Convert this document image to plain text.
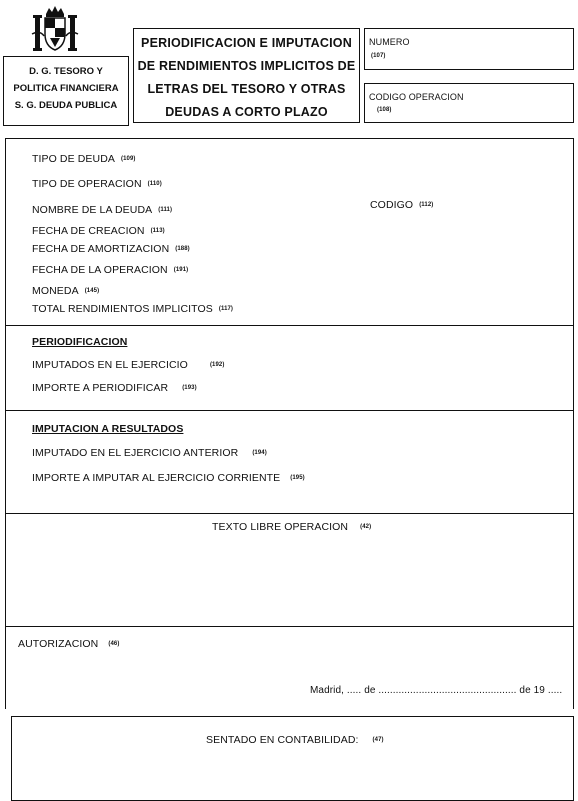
D. G. TESORO Y
POLITICA FINANCIERA
S. G. DEUDA PUBLICA
PERIODIFICACION E IMPUTACION
DE RENDIMIENTOS IMPLICITOS DE
LETRAS DEL TESORO Y OTRAS
DEUDAS A CORTO PLAZO
NUMERO
(107)
CODIGO OPERACION
(108)
TIPO DE DEUDA (109)
TIPO DE OPERACION (110)
NOMBRE DE LA DEUDA (111)	CODIGO (112)
FECHA DE CREACION (113)
FECHA DE AMORTIZACION (188)
FECHA DE LA OPERACION (191)
MONEDA (145)
TOTAL RENDIMIENTOS IMPLICITOS (117)
PERIODIFICACION
IMPUTADOS EN EL EJERCICIO	(192)
IMPORTE A PERIODIFICAR (193)
IMPUTACION A RESULTADOS
IMPUTADO EN EL EJERCICIO ANTERIOR (194)
IMPORTE A IMPUTAR AL EJERCICIO CORRIENTE (195)
TEXTO LIBRE OPERACION (42)
AUTORIZACION (46)
Madrid, ..... de ................................................ de 19 .....
SENTADO EN CONTABILIDAD: (47)
